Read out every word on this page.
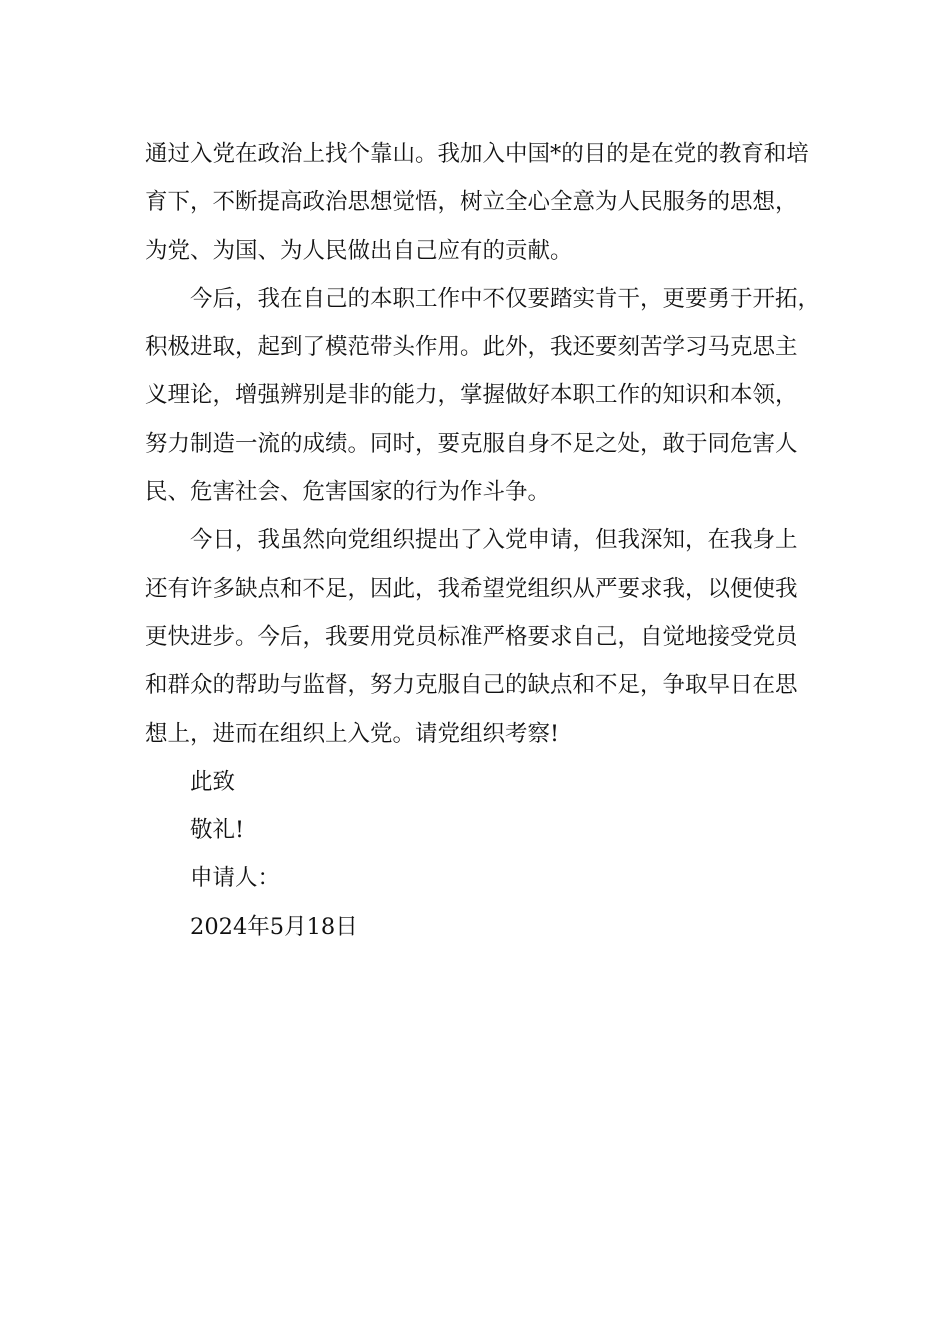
通过入党在政治上找个靠山。我加入中国*的目的是在党的教育和培
育下，不断提高政治思想觉悟，树立全心全意为人民服务的思想，
为党、为国、为人民做出自己应有的贡献。
今后，我在自己的本职工作中不仅要踏实肯干，更要勇于开拓，
积极进取，起到了模范带头作用。此外，我还要刻苦学习马克思主
义理论，增强辨别是非的能力，掌握做好本职工作的知识和本领，
努力制造一流的成绩。同时，要克服自身不足之处，敢于同危害人
民、危害社会、危害国家的行为作斗争。
今日，我虽然向党组织提出了入党申请，但我深知，在我身上
还有许多缺点和不足，因此，我希望党组织从严要求我，以便使我
更快进步。今后，我要用党员标准严格要求自己，自觉地接受党员
和群众的帮助与监督，努力克服自己的缺点和不足，争取早日在思
想上，进而在组织上入党。请党组织考察!
此致
敬礼!
申请人：
2024年5月18日
